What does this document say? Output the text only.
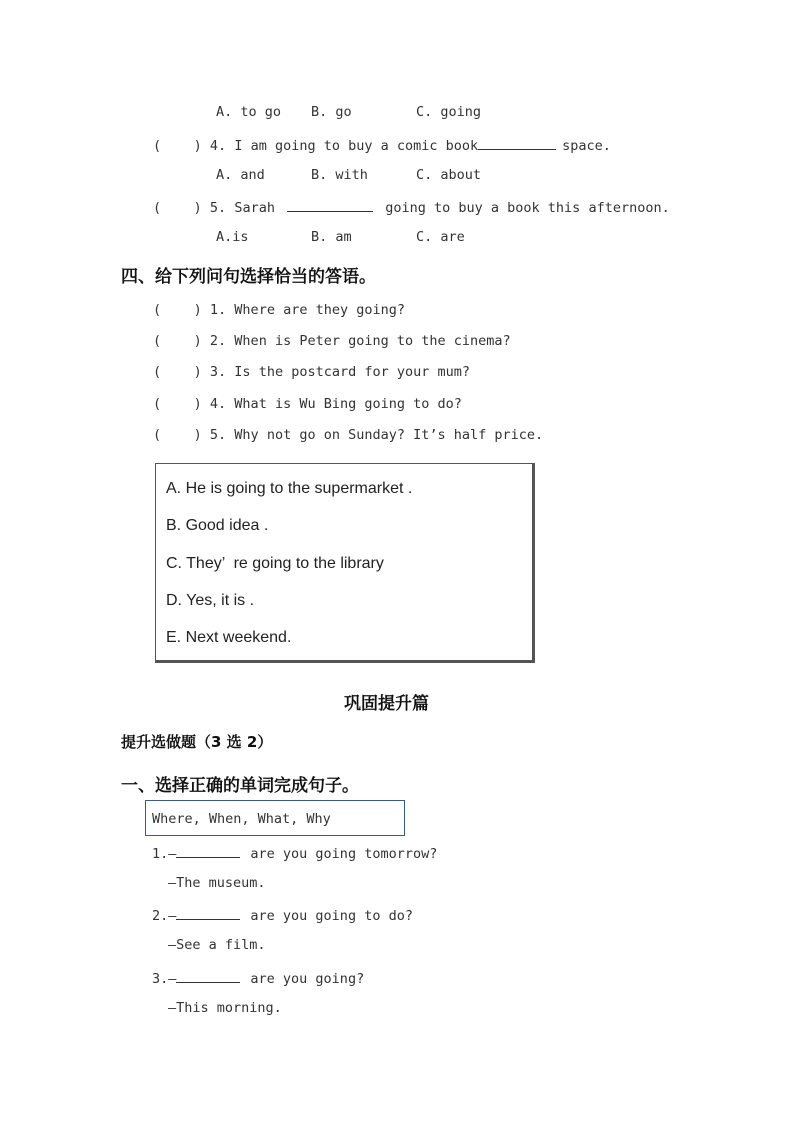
A. to go B. go	C. going
(    ) 4. I am going to buy a comic book	space.
A. and	B. with	C. about
(    ) 5. Sarah	going to buy a book this afternoon.
A.is	B. am	C. are
四、给下列问句选择恰当的答语。
(    ) 1. Where are they going?
(    ) 2. When is Peter going to the cinema?
(    ) 3. Is the postcard for your mum?
(    ) 4. What is Wu Bing going to do?
(    ) 5. Why not go on Sunday? It’s half price.
A. He is going to the supermarket .
B. Good idea .
C. They’  re going to the library
D. Yes, it is .
E. Next weekend.
巩固提升篇
提升选做题（3 选 2）
一、选择正确的单词完成句子。
Where, When, What, Why
1.—	are you going tomorrow?
—The museum.
2.—	are you going to do?
—See a film.
3.—	are you going?
—This morning.
